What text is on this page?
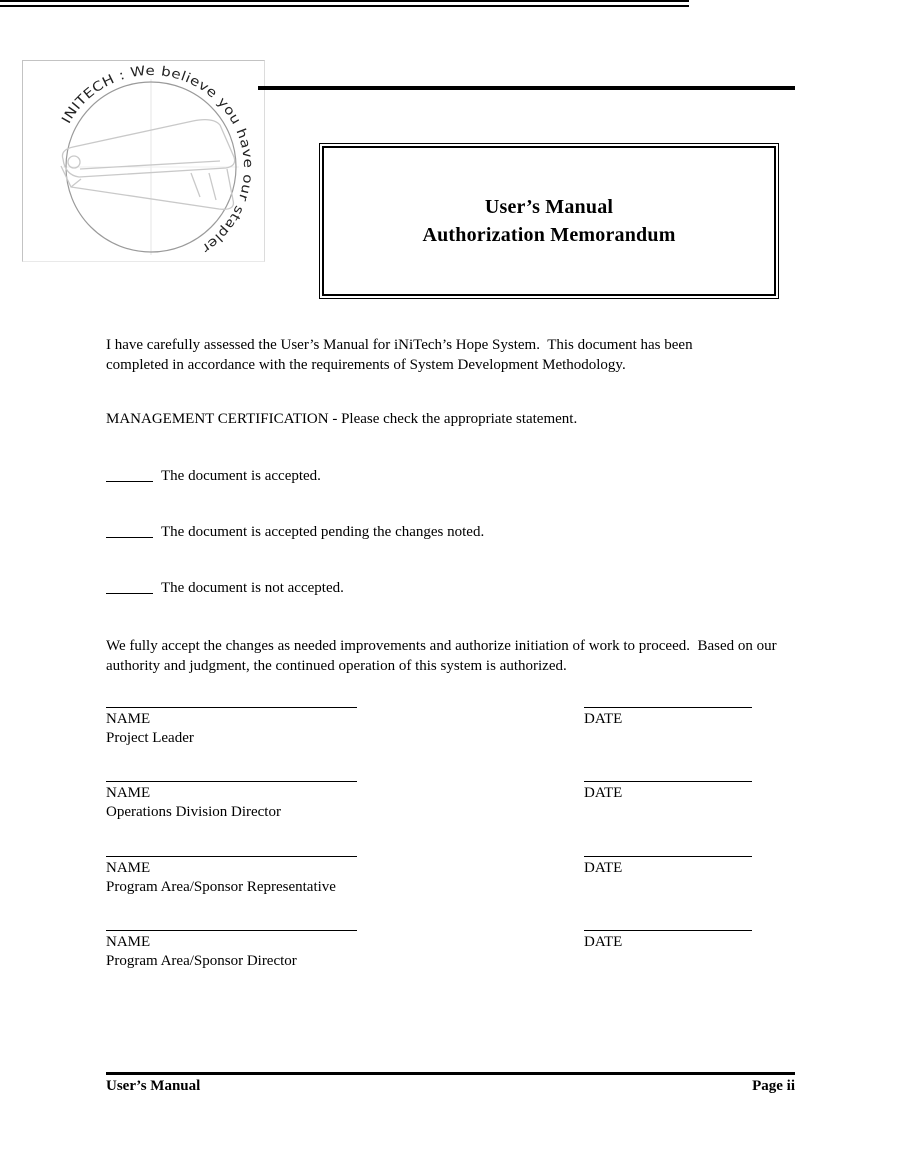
INITECH : We believe you have our stapler
User’s Manual
Authorization Memorandum
I have carefully assessed the User’s Manual for iNiTech’s Hope System.  This document has been completed in accordance with the requirements of System Development Methodology.
MANAGEMENT CERTIFICATION - Please check the appropriate statement.
The document is accepted.
The document is accepted pending the changes noted.
The document is not accepted.
We fully accept the changes as needed improvements and authorize initiation of work to proceed.  Based on our authority and judgment, the continued operation of this system is authorized.
NAME
Project Leader
DATE
NAME
Operations Division Director
DATE
NAME
Program Area/Sponsor Representative
DATE
NAME
Program Area/Sponsor Director
DATE
User’s Manual	Page ii
